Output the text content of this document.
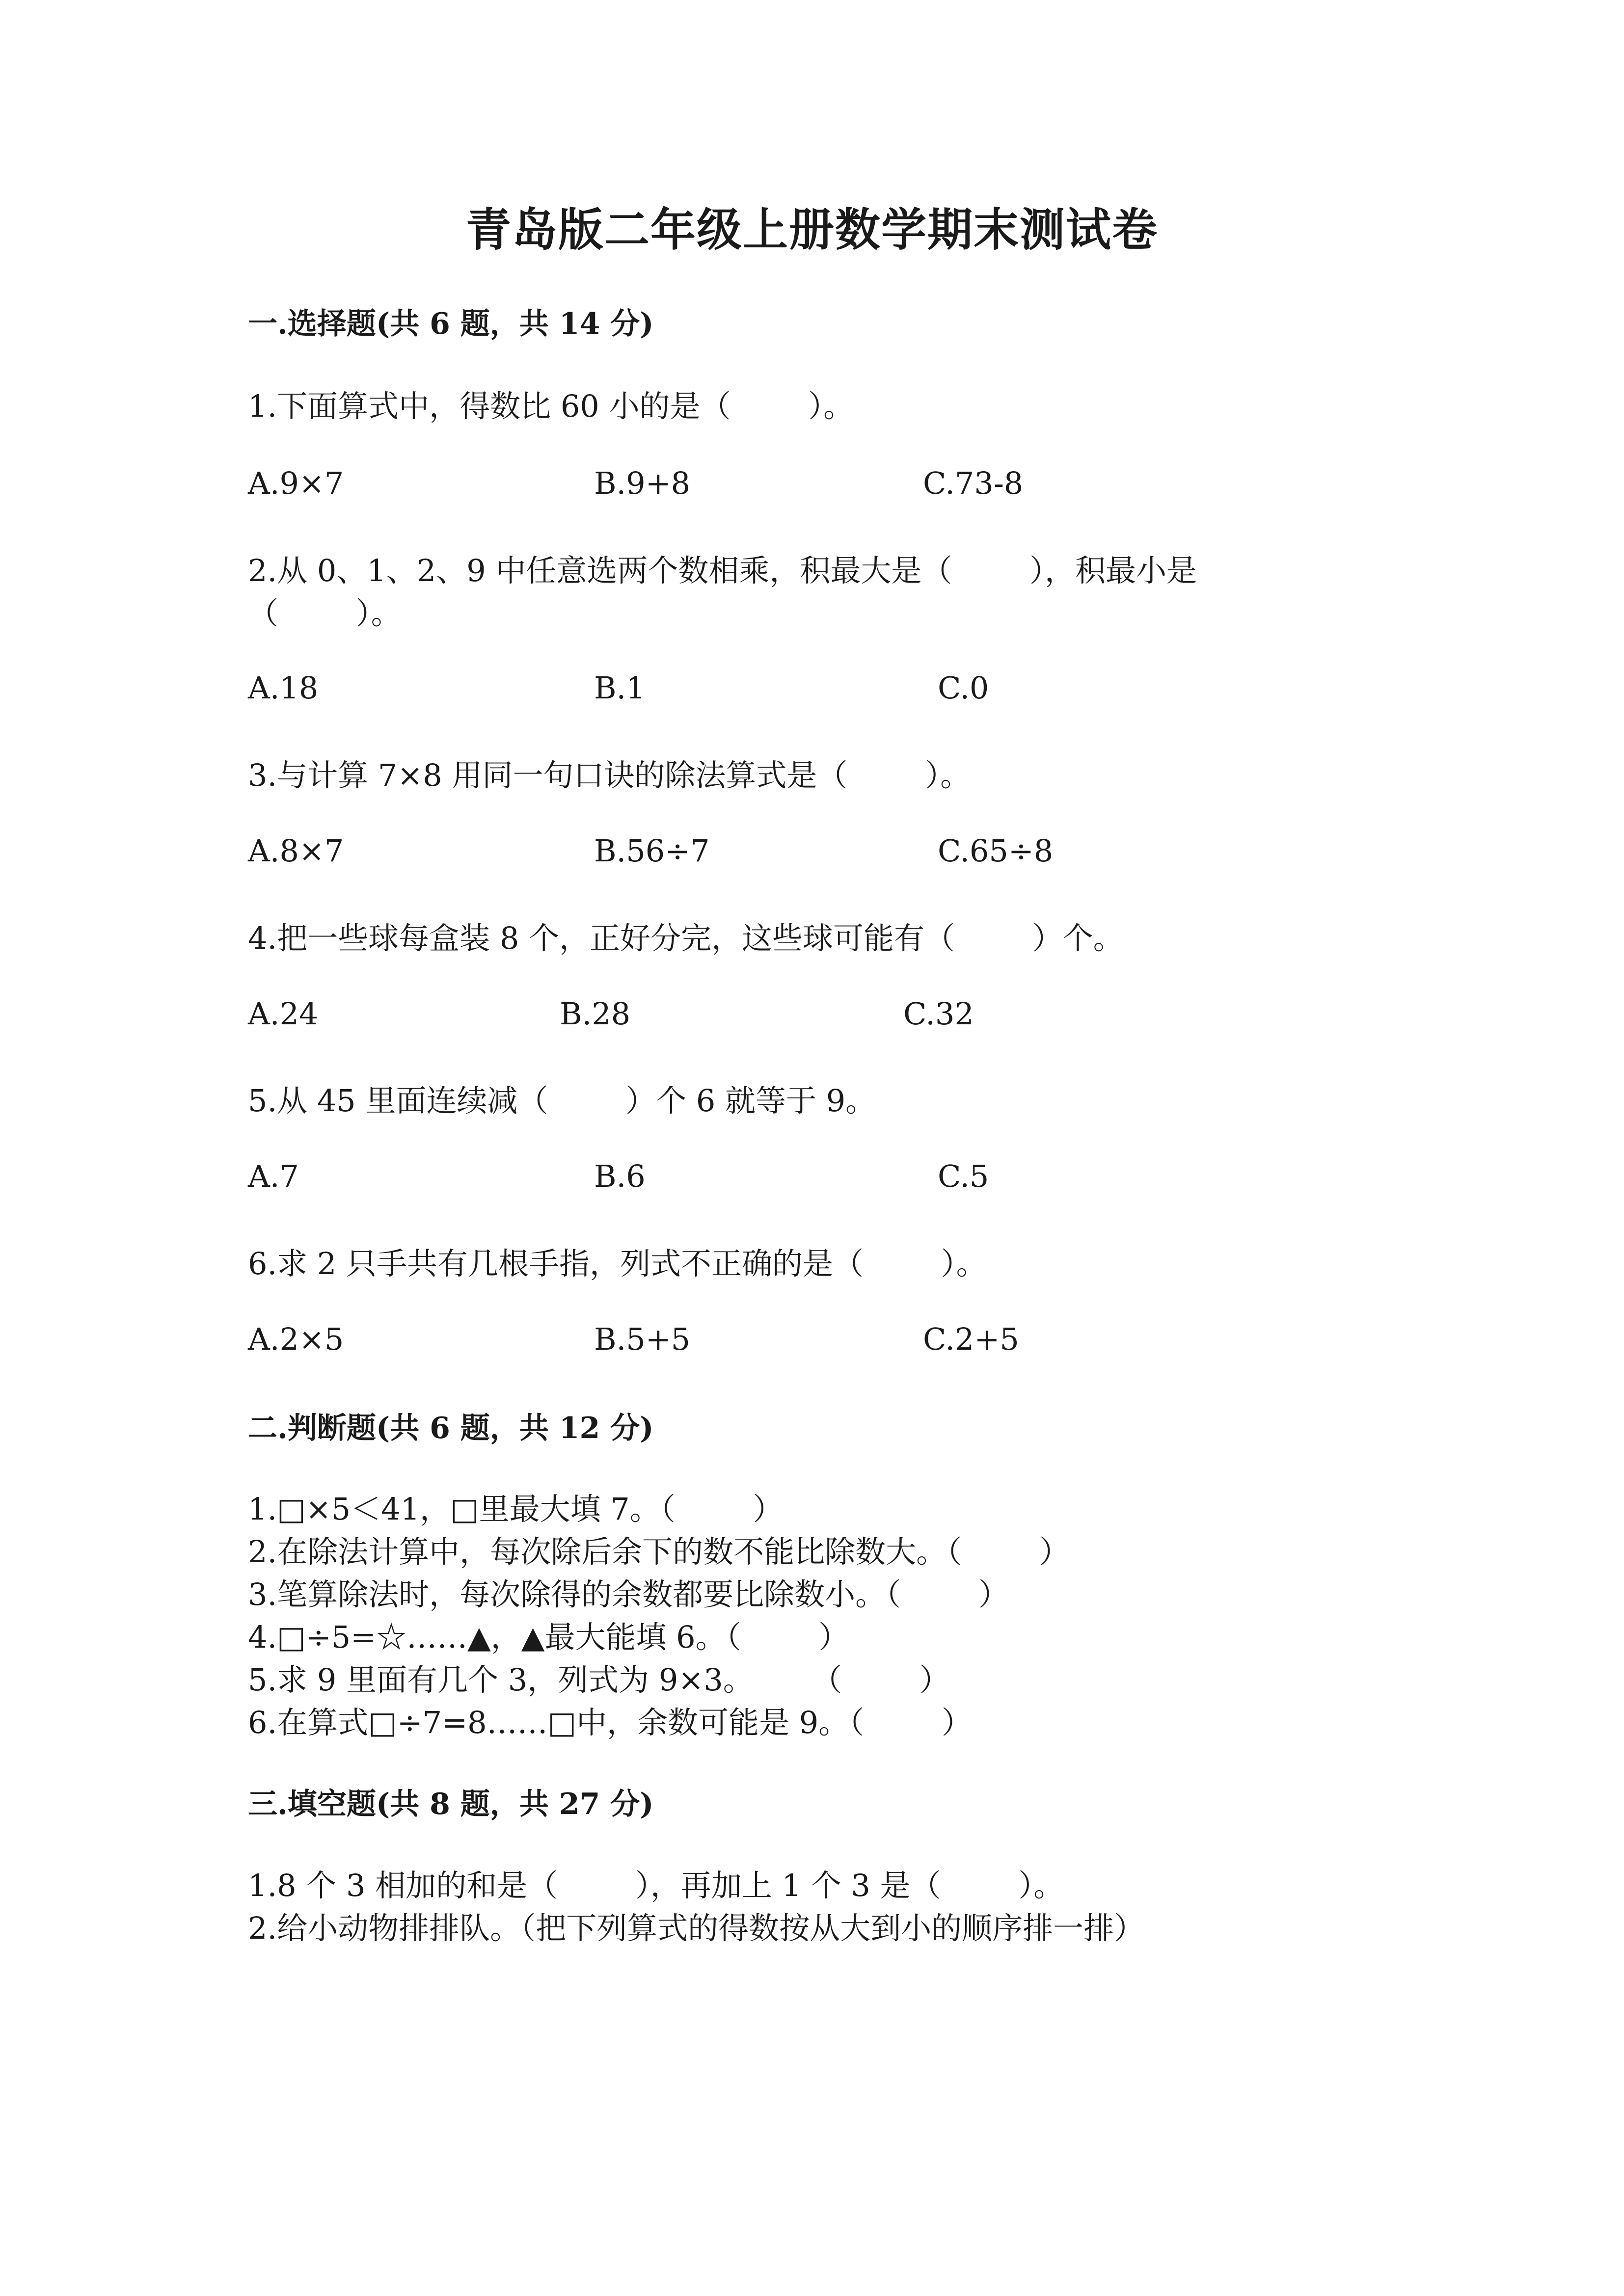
青岛版二年级上册数学期末测试卷
一.选择题(共 6 题，共 14 分)
1.下面算式中，得数比 60 小的是（        ）。

A.9×7

	B.9+8

	C.73-8

2.从 0、1、2、9 中任意选两个数相乘，积最大是（        ），积最小是
（        ）。

A.18

	B.1

	C.0

3.与计算 7×8 用同一句口诀的除法算式是（        ）。

A.8×7

	B.56÷7

	C.65÷8

4.把一些球每盒装 8 个，正好分完，这些球可能有（        ）个。

A.24

	B.28

	C.32

5.从 45 里面连续减（        ）个 6 就等于 9。

A.7

	B.6

	C.5

6.求 2 只手共有几根手指，列式不正确的是（        ）。

A.2×5

	B.5+5

	C.2+5

二.判断题(共 6 题，共 12 分)
1.□×5＜41，□里最大填 7。（        ）
2.在除法计算中，每次除后余下的数不能比除数大。（        ）
3.笔算除法时，每次除得的余数都要比除数小。（        ）
4.□÷5=☆……▲，▲最大能填 6。（        ）
5.求 9 里面有几个 3，列式为 9×3。      （        ）
6.在算式□÷7=8……□中，余数可能是 9。（        ）
三.填空题(共 8 题，共 27 分)
1.8 个 3 相加的和是（        ），再加上 1 个 3 是（        ）。
2.给小动物排排队。（把下列算式的得数按从大到小的顺序排一排）
